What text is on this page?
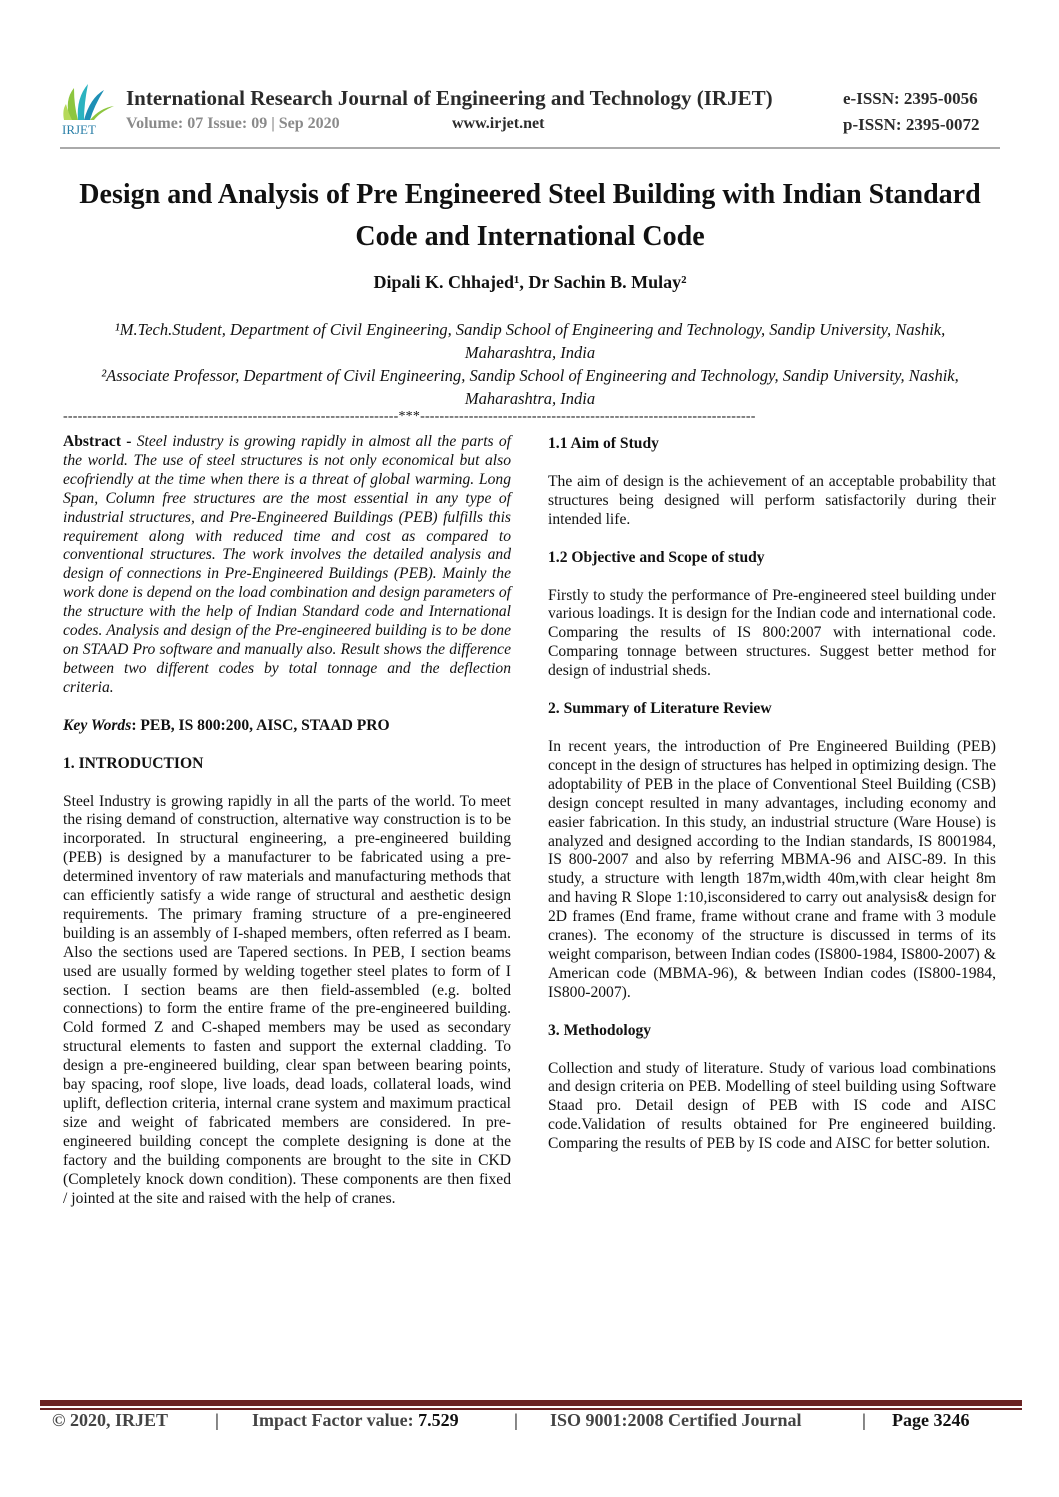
IRJET
International Research Journal of Engineering and Technology (IRJET)
Volume: 07 Issue: 09 | Sep 2020	www.irjet.net
e-ISSN: 2395-0056
p-ISSN: 2395-0072
Design and Analysis of Pre Engineered Steel Building with Indian Standard Code and International Code
Dipali K. Chhajed¹, Dr Sachin B. Mulay²
¹M.Tech.Student, Department of Civil Engineering, Sandip School of Engineering and Technology, Sandip University, Nashik, Maharashtra, India
²Associate Professor, Department of Civil Engineering, Sandip School of Engineering and Technology, Sandip University, Nashik, Maharashtra, India
---------------------------------------------------------------------***---------------------------------------------------------------------

Abstract - Steel industry is growing rapidly in almost all the parts of the world. The use of steel structures is not only economical but also ecofriendly at the time when there is a threat of global warming. Long Span, Column free structures are the most essential in any type of industrial structures, and Pre-Engineered Buildings (PEB) fulfills this requirement along with reduced time and cost as compared to conventional structures. The work involves the detailed analysis and design of connections in Pre-Engineered Buildings (PEB). Mainly the work done is depend on the load combination and design parameters of the structure with the help of Indian Standard code and International codes. Analysis and design of the Pre-engineered building is to be done on STAAD Pro software and manually also. Result shows the difference between two different codes by total tonnage and the deflection criteria.

Key Words: PEB, IS 800:200, AISC, STAAD PRO

1. INTRODUCTION

Steel Industry is growing rapidly in all the parts of the world. To meet the rising demand of construction, alternative way construction is to be incorporated. In structural engineering, a pre-engineered building (PEB) is designed by a manufacturer to be fabricated using a pre-determined inventory of raw materials and manufacturing methods that can efficiently satisfy a wide range of structural and aesthetic design requirements. The primary framing structure of a pre-engineered building is an assembly of I-shaped members, often referred as I beam. Also the sections used are Tapered sections. In PEB, I section beams used are usually formed by welding together steel plates to form of I section. I section beams are then field-assembled (e.g. bolted connections) to form the entire frame of the pre-engineered building. Cold formed Z and C-shaped members may be used as secondary structural elements to fasten and support the external cladding. To design a pre-engineered building, clear span between bearing points, bay spacing, roof slope, live loads, dead loads, collateral loads, wind uplift, deflection criteria, internal crane system and maximum practical size and weight of fabricated members are considered. In pre-engineered building concept the complete designing is done at the factory and the building components are brought to the site in CKD (Completely knock down condition). These components are then fixed / jointed at the site and raised with the help of cranes.

1.1 Aim of Study

The aim of design is the achievement of an acceptable probability that structures being designed will perform satisfactorily during their intended life.

1.2 Objective and Scope of study

Firstly to study the performance of Pre-engineered steel building under various loadings. It is design for the Indian code and international code. Comparing the results of IS 800:2007 with international code. Comparing tonnage between structures. Suggest better method for design of industrial sheds.

2. Summary of Literature Review

In recent years, the introduction of Pre Engineered Building (PEB) concept in the design of structures has helped in optimizing design. The adoptability of PEB in the place of Conventional Steel Building (CSB) design concept resulted in many advantages, including economy and easier fabrication. In this study, an industrial structure (Ware House) is analyzed and designed according to the Indian standards, IS 8001984, IS 800-2007 and also by referring MBMA-96 and AISC-89. In this study, a structure with length 187m,width 40m,with clear height 8m and having R Slope 1:10,isconsidered to carry out analysis& design for 2D frames (End frame, frame without crane and frame with 3 module cranes). The economy of the structure is discussed in terms of its weight comparison, between Indian codes (IS800-1984, IS800-2007) & American code (MBMA-96), & between Indian codes (IS800-1984, IS800-2007).

3. Methodology

Collection and study of literature. Study of various load combinations and design criteria on PEB. Modelling of steel building using Software Staad pro. Detail design of PEB with IS code and AISC code.Validation of results obtained for Pre engineered building. Comparing the results of PEB by IS code and AISC for better solution.

© 2020, IRJET	| Impact Factor value: 7.529	| ISO 9001:2008 Certified Journal	| Page 3246
